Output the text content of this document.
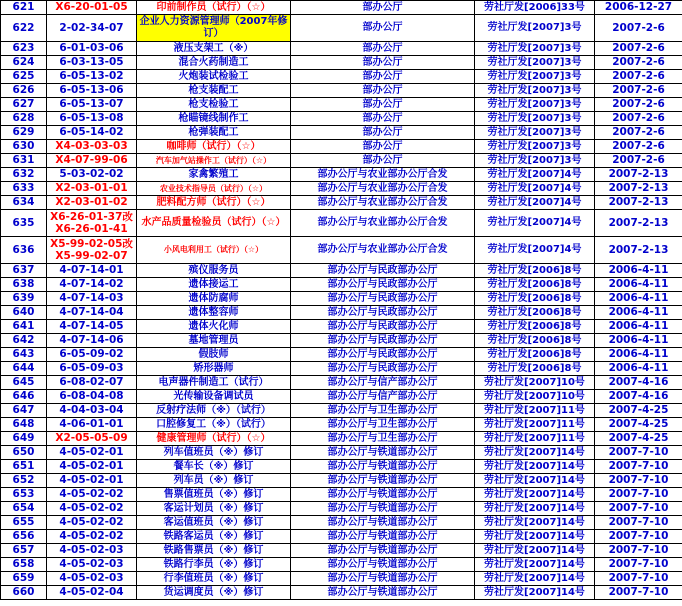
621	X6-20-01-05	印前制作员（试行）（☆）	部办公厅	劳社厅发[2006]33号	2006-12-27
622	2-02-34-07	企业人力资源管理师（2007年修订）	部办公厅	劳社厅发[2007]3号	2007-2-6
623	6-01-03-06	液压支架工（※）	部办公厅	劳社厅发[2007]3号	2007-2-6
624	6-03-13-05	混合火药制造工	部办公厅	劳社厅发[2007]3号	2007-2-6
625	6-05-13-02	火炮装试检验工	部办公厅	劳社厅发[2007]3号	2007-2-6
626	6-05-13-06	枪支装配工	部办公厅	劳社厅发[2007]3号	2007-2-6
627	6-05-13-07	枪支检验工	部办公厅	劳社厅发[2007]3号	2007-2-6
628	6-05-13-08	枪瞄镜线制作工	部办公厅	劳社厅发[2007]3号	2007-2-6
629	6-05-14-02	枪弹装配工	部办公厅	劳社厅发[2007]3号	2007-2-6
630	X4-03-03-03	咖啡师（试行）（☆）	部办公厅	劳社厅发[2007]3号	2007-2-6
631	X4-07-99-06	汽车加气站操作工（试行）（☆）	部办公厅	劳社厅发[2007]3号	2007-2-6
632	5-03-02-02	家禽繁殖工	部办公厅与农业部办公厅合发	劳社厅发[2007]4号	2007-2-13
633	X2-03-01-01	农业技术指导员（试行）（☆）	部办公厅与农业部办公厅合发	劳社厅发[2007]4号	2007-2-13
634	X2-03-01-02	肥料配方师（试行）（☆）	部办公厅与农业部办公厅合发	劳社厅发[2007]4号	2007-2-13
635	X6-26-01-37改 X6-26-01-41	水产品质量检验员（试行）（☆）	部办公厅与农业部办公厅合发	劳社厅发[2007]4号	2007-2-13
636	X5-99-02-05改 X5-99-02-07	小风电利用工（试行）（☆）	部办公厅与农业部办公厅合发	劳社厅发[2007]4号	2007-2-13
637	4-07-14-01	殡仪服务员	部办公厅与民政部办公厅	劳社厅发[2006]8号	2006-4-11
638	4-07-14-02	遗体接运工	部办公厅与民政部办公厅	劳社厅发[2006]8号	2006-4-11
639	4-07-14-03	遗体防腐师	部办公厅与民政部办公厅	劳社厅发[2006]8号	2006-4-11
640	4-07-14-04	遗体整容师	部办公厅与民政部办公厅	劳社厅发[2006]8号	2006-4-11
641	4-07-14-05	遗体火化师	部办公厅与民政部办公厅	劳社厅发[2006]8号	2006-4-11
642	4-07-14-06	墓地管理员	部办公厅与民政部办公厅	劳社厅发[2006]8号	2006-4-11
643	6-05-09-02	假肢师	部办公厅与民政部办公厅	劳社厅发[2006]8号	2006-4-11
644	6-05-09-03	矫形器师	部办公厅与民政部办公厅	劳社厅发[2006]8号	2006-4-11
645	6-08-02-07	电声器件制造工（试行）	部办公厅与信产部办公厅	劳社厅发[2007]10号	2007-4-16
646	6-08-04-08	光传输设备调试员	部办公厅与信产部办公厅	劳社厅发[2007]10号	2007-4-16
647	4-04-03-04	反射疗法师（※）（试行）	部办公厅与卫生部办公厅	劳社厅发[2007]11号	2007-4-25
648	4-06-01-01	口腔修复工（※）（试行）	部办公厅与卫生部办公厅	劳社厅发[2007]11号	2007-4-25
649	X2-05-05-09	健康管理师（试行）（☆）	部办公厅与卫生部办公厅	劳社厅发[2007]11号	2007-4-25
650	4-05-02-01	列车值班员（※）修订	部办公厅与铁道部办公厅	劳社厅发[2007]14号	2007-7-10
651	4-05-02-01	餐车长（※）修订	部办公厅与铁道部办公厅	劳社厅发[2007]14号	2007-7-10
652	4-05-02-01	列车员（※）修订	部办公厅与铁道部办公厅	劳社厅发[2007]14号	2007-7-10
653	4-05-02-02	售票值班员（※）修订	部办公厅与铁道部办公厅	劳社厅发[2007]14号	2007-7-10
654	4-05-02-02	客运计划员（※）修订	部办公厅与铁道部办公厅	劳社厅发[2007]14号	2007-7-10
655	4-05-02-02	客运值班员（※）修订	部办公厅与铁道部办公厅	劳社厅发[2007]14号	2007-7-10
656	4-05-02-02	铁路客运员（※）修订	部办公厅与铁道部办公厅	劳社厅发[2007]14号	2007-7-10
657	4-05-02-03	铁路售票员（※）修订	部办公厅与铁道部办公厅	劳社厅发[2007]14号	2007-7-10
658	4-05-02-03	铁路行李员（※）修订	部办公厅与铁道部办公厅	劳社厅发[2007]14号	2007-7-10
659	4-05-02-03	行李值班员（※）修订	部办公厅与铁道部办公厅	劳社厅发[2007]14号	2007-7-10
660	4-05-02-04	货运调度员（※）修订	部办公厅与铁道部办公厅	劳社厅发[2007]14号	2007-7-10
